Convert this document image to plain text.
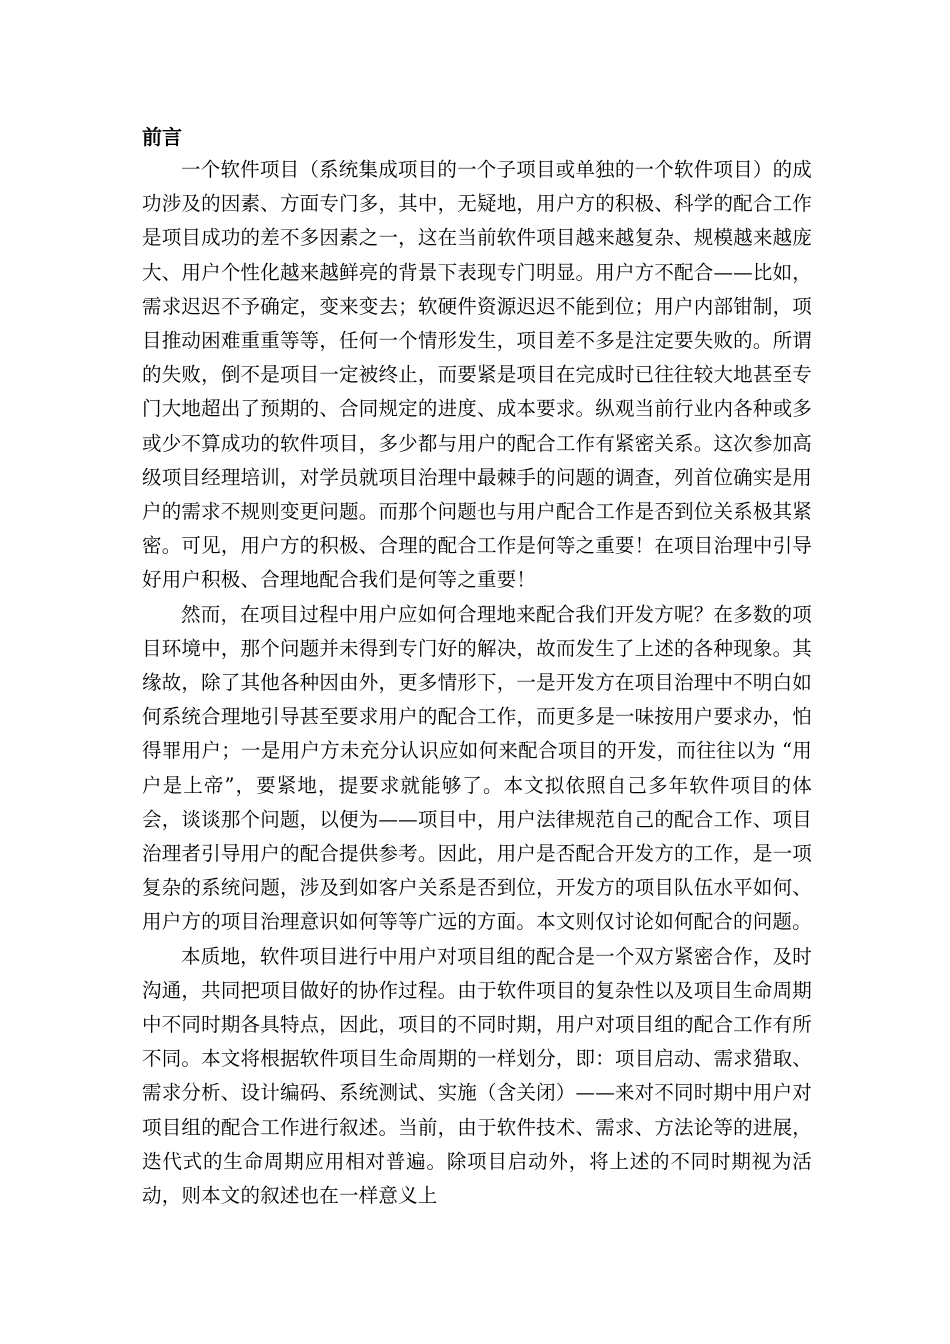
前言

一个软件项目（系统集成项目的一个子项目或单独的一个软件项目）的成功涉及的因素、方面专门多，其中，无疑地，用户方的积极、科学的配合工作是项目成功的差不多因素之一，这在当前软件项目越来越复杂、规模越来越庞大、用户个性化越来越鲜亮的背景下表现专门明显。用户方不配合——比如，需求迟迟不予确定，变来变去；软硬件资源迟迟不能到位；用户内部钳制，项目推动困难重重等等，任何一个情形发生，项目差不多是注定要失败的。所谓的失败，倒不是项目一定被终止，而要紧是项目在完成时已往往较大地甚至专门大地超出了预期的、合同规定的进度、成本要求。纵观当前行业内各种或多或少不算成功的软件项目，多少都与用户的配合工作有紧密关系。这次参加高级项目经理培训，对学员就项目治理中最棘手的问题的调查，列首位确实是用户的需求不规则变更问题。而那个问题也与用户配合工作是否到位关系极其紧密。可见，用户方的积极、合理的配合工作是何等之重要！在项目治理中引导好用户积极、合理地配合我们是何等之重要！

然而，在项目过程中用户应如何合理地来配合我们开发方呢？在多数的项目环境中，那个问题并未得到专门好的解决，故而发生了上述的各种现象。其缘故，除了其他各种因由外，更多情形下，一是开发方在项目治理中不明白如何系统合理地引导甚至要求用户的配合工作，而更多是一味按用户要求办，怕得罪用户；一是用户方未充分认识应如何来配合项目的开发，而往往以为 “用户是上帝”，要紧地，提要求就能够了。本文拟依照自己多年软件项目的体会，谈谈那个问题，以便为——项目中，用户法律规范自己的配合工作、项目治理者引导用户的配合提供参考。因此，用户是否配合开发方的工作，是一项复杂的系统问题，涉及到如客户关系是否到位，开发方的项目队伍水平如何、用户方的项目治理意识如何等等广远的方面。本文则仅讨论如何配合的问题。

本质地，软件项目进行中用户对项目组的配合是一个双方紧密合作，及时沟通，共同把项目做好的协作过程。由于软件项目的复杂性以及项目生命周期中不同时期各具特点，因此，项目的不同时期，用户对项目组的配合工作有所不同。本文将根据软件项目生命周期的一样划分，即：项目启动、需求猎取、需求分析、设计编码、系统测试、实施（含关闭）——来对不同时期中用户对项目组的配合工作进行叙述。当前，由于软件技术、需求、方法论等的进展，迭代式的生命周期应用相对普遍。除项目启动外，将上述的不同时期视为活动，则本文的叙述也在一样意义上
